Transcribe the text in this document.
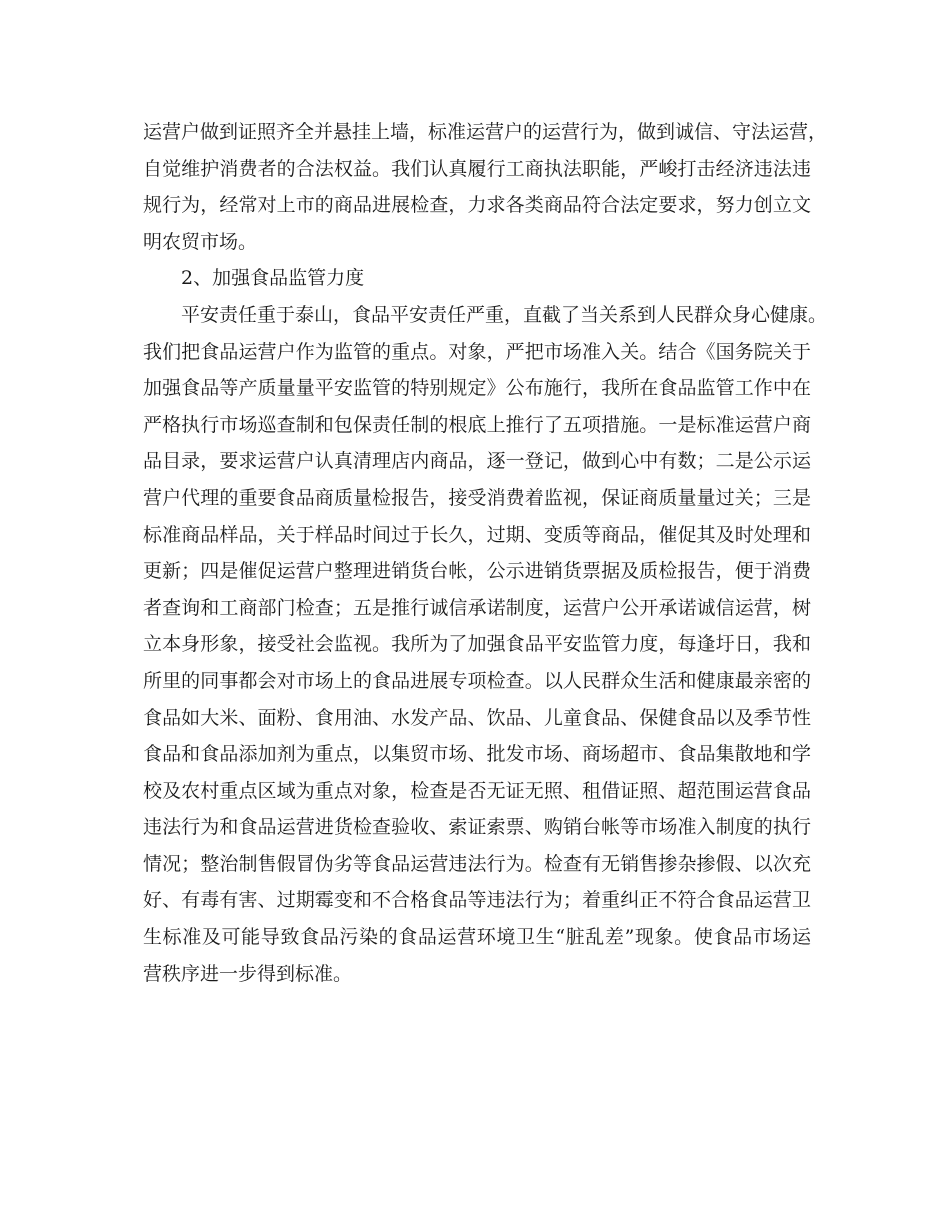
运营户做到证照齐全并悬挂上墙，标准运营户的运营行为，做到诚信、守法运营，
自觉维护消费者的合法权益。我们认真履行工商执法职能，严峻打击经济违法违
规行为，经常对上市的商品进展检查，力求各类商品符合法定要求，努力创立文
明农贸市场。
2、加强食品监管力度
平安责任重于泰山，食品平安责任严重，直截了当关系到人民群众身心健康。
我们把食品运营户作为监管的重点。对象，严把市场准入关。结合《国务院关于
加强食品等产质量量平安监管的特别规定》公布施行，我所在食品监管工作中在
严格执行市场巡查制和包保责任制的根底上推行了五项措施。一是标准运营户商
品目录，要求运营户认真清理店内商品，逐一登记，做到心中有数；二是公示运
营户代理的重要食品商质量检报告，接受消费着监视，保证商质量量过关；三是
标准商品样品，关于样品时间过于长久，过期、变质等商品，催促其及时处理和
更新；四是催促运营户整理进销货台帐，公示进销货票据及质检报告，便于消费
者查询和工商部门检查；五是推行诚信承诺制度，运营户公开承诺诚信运营，树
立本身形象，接受社会监视。我所为了加强食品平安监管力度，每逢圩日，我和
所里的同事都会对市场上的食品进展专项检查。以人民群众生活和健康最亲密的
食品如大米、面粉、食用油、水发产品、饮品、儿童食品、保健食品以及季节性
食品和食品添加剂为重点，以集贸市场、批发市场、商场超市、食品集散地和学
校及农村重点区域为重点对象，检查是否无证无照、租借证照、超范围运营食品
违法行为和食品运营进货检查验收、索证索票、购销台帐等市场准入制度的执行
情况；整治制售假冒伪劣等食品运营违法行为。检查有无销售掺杂掺假、以次充
好、有毒有害、过期霉变和不合格食品等违法行为；着重纠正不符合食品运营卫
生标准及可能导致食品污染的食品运营环境卫生“脏乱差”现象。使食品市场运
营秩序进一步得到标准。
